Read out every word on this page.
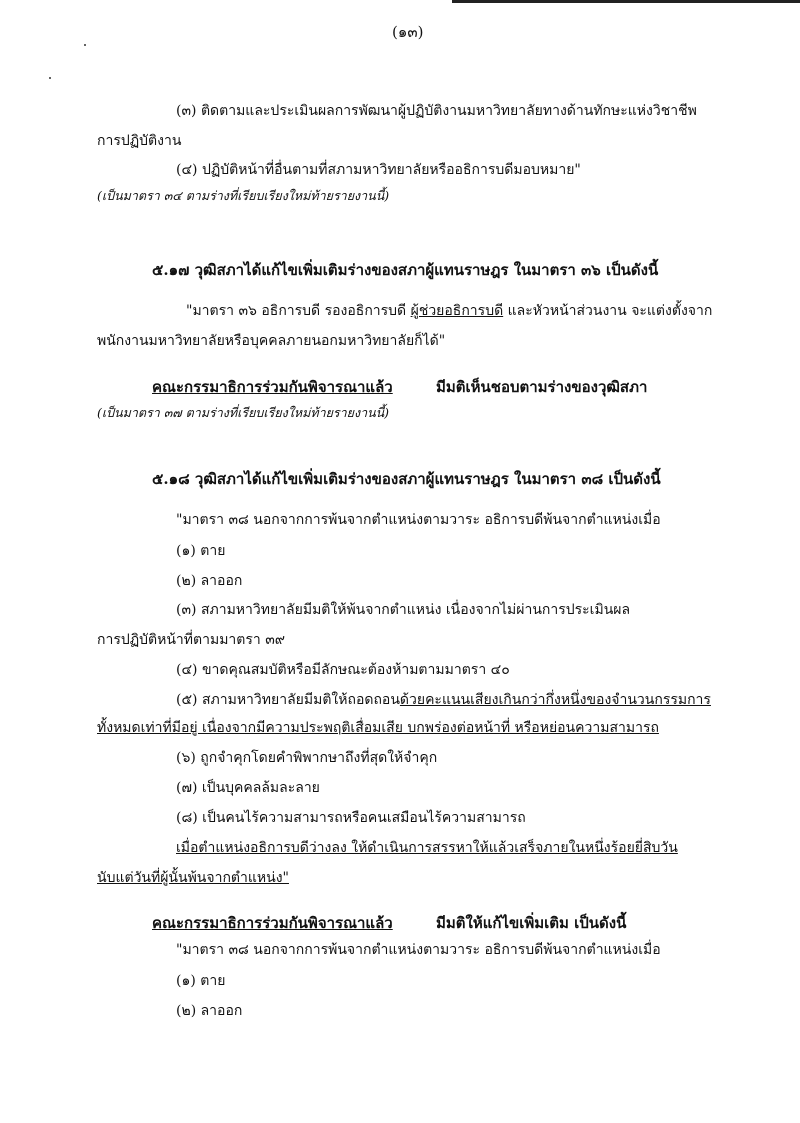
(๑๓)
(๓) ติดตามและประเมินผลการพัฒนาผู้ปฏิบัติงานมหาวิทยาลัยทางด้านทักษะแห่งวิชาชีพ
การปฏิบัติงาน
(๔) ปฏิบัติหน้าที่อื่นตามที่สภามหาวิทยาลัยหรืออธิการบดีมอบหมาย"
(เป็นมาตรา ๓๔ ตามร่างที่เรียบเรียงใหม่ท้ายรายงานนี้)
๕.๑๗ วุฒิสภาได้แก้ไขเพิ่มเติมร่างของสภาผู้แทนราษฎร ในมาตรา ๓๖ เป็นดังนี้
"มาตรา ๓๖ อธิการบดี รองอธิการบดี ผู้ช่วยอธิการบดี และหัวหน้าส่วนงาน จะแต่งตั้งจาก
พนักงานมหาวิทยาลัยหรือบุคคลภายนอกมหาวิทยาลัยก็ได้"
คณะกรรมาธิการร่วมกันพิจารณาแล้ว	มีมติเห็นชอบตามร่างของวุฒิสภา
(เป็นมาตรา ๓๗ ตามร่างที่เรียบเรียงใหม่ท้ายรายงานนี้)
๕.๑๘ วุฒิสภาได้แก้ไขเพิ่มเติมร่างของสภาผู้แทนราษฎร ในมาตรา ๓๘ เป็นดังนี้
"มาตรา ๓๘ นอกจากการพ้นจากตำแหน่งตามวาระ อธิการบดีพ้นจากตำแหน่งเมื่อ
(๑) ตาย
(๒) ลาออก
(๓) สภามหาวิทยาลัยมีมติให้พ้นจากตำแหน่ง เนื่องจากไม่ผ่านการประเมินผล
การปฏิบัติหน้าที่ตามมาตรา ๓๙
(๔) ขาดคุณสมบัติหรือมีลักษณะต้องห้ามตามมาตรา ๔๐
(๕) สภามหาวิทยาลัยมีมติให้ถอดถอนด้วยคะแนนเสียงเกินกว่ากึ่งหนึ่งของจำนวนกรรมการ
ทั้งหมดเท่าที่มีอยู่ เนื่องจากมีความประพฤติเสื่อมเสีย บกพร่องต่อหน้าที่ หรือหย่อนความสามารถ
(๖) ถูกจำคุกโดยคำพิพากษาถึงที่สุดให้จำคุก
(๗) เป็นบุคคลล้มละลาย
(๘) เป็นคนไร้ความสามารถหรือคนเสมือนไร้ความสามารถ
เมื่อตำแหน่งอธิการบดีว่างลง ให้ดำเนินการสรรหาให้แล้วเสร็จภายในหนึ่งร้อยยี่สิบวัน
นับแต่วันที่ผู้นั้นพ้นจากตำแหน่ง"
คณะกรรมาธิการร่วมกันพิจารณาแล้ว	มีมติให้แก้ไขเพิ่มเติม เป็นดังนี้
"มาตรา ๓๘ นอกจากการพ้นจากตำแหน่งตามวาระ อธิการบดีพ้นจากตำแหน่งเมื่อ
(๑) ตาย
(๒) ลาออก
